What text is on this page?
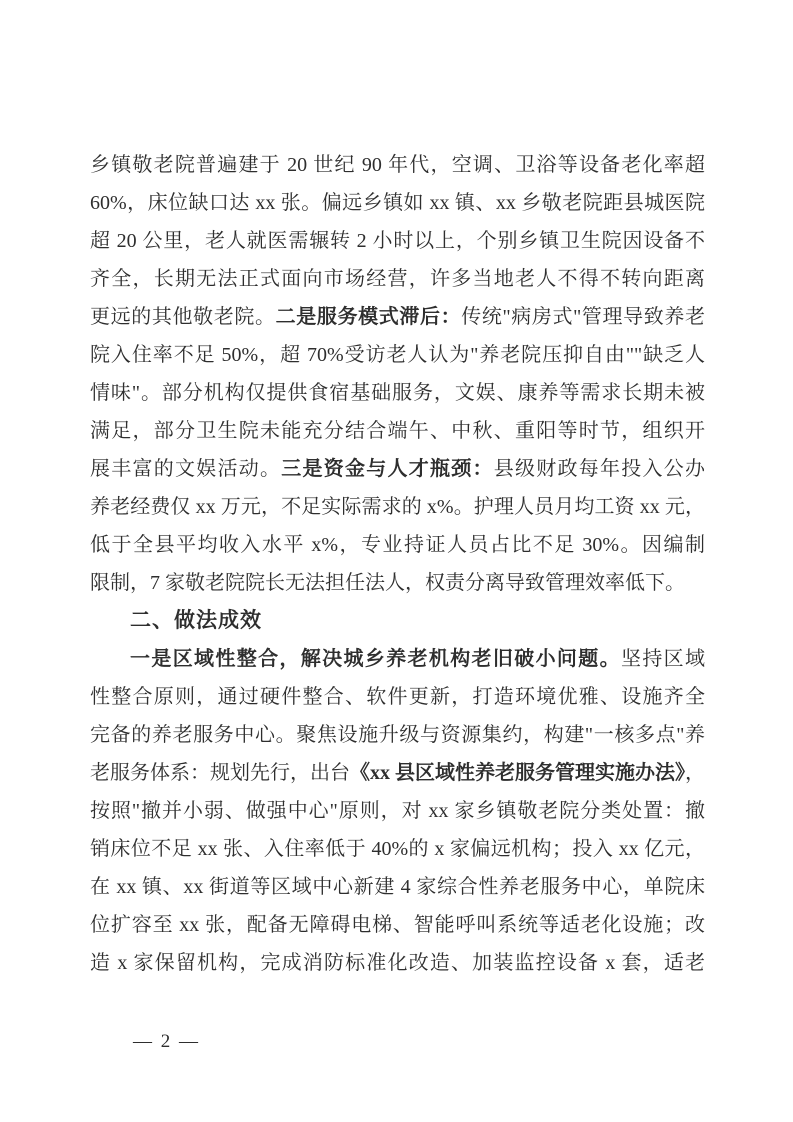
乡镇敬老院普遍建于 20 世纪 90 年代，空调、卫浴等设备老化率超
60%，床位缺口达 xx 张。偏远乡镇如 xx 镇、xx 乡敬老院距县城医院
超 20 公里，老人就医需辗转 2 小时以上，个别乡镇卫生院因设备不
齐全，长期无法正式面向市场经营，许多当地老人不得不转向距离
更远的其他敬老院。二是服务模式滞后：传统"病房式"管理导致养老
院入住率不足 50%，超 70%受访老人认为"养老院压抑自由""缺乏人
情味"。部分机构仅提供食宿基础服务，文娱、康养等需求长期未被
满足，部分卫生院未能充分结合端午、中秋、重阳等时节，组织开
展丰富的文娱活动。三是资金与人才瓶颈：县级财政每年投入公办
养老经费仅 xx 万元，不足实际需求的 x%。护理人员月均工资 xx 元，
低于全县平均收入水平 x%，专业持证人员占比不足 30%。因编制
限制，7 家敬老院院长无法担任法人，权责分离导致管理效率低下。
二、做法成效
一是区域性整合，解决城乡养老机构老旧破小问题。坚持区域
性整合原则，通过硬件整合、软件更新，打造环境优雅、设施齐全
完备的养老服务中心。聚焦设施升级与资源集约，构建"一核多点"养
老服务体系：规划先行，出台《xx 县区域性养老服务管理实施办法》，
按照"撤并小弱、做强中心"原则，对 xx 家乡镇敬老院分类处置：撤
销床位不足 xx 张、入住率低于 40%的 x 家偏远机构；投入 xx 亿元，
在 xx 镇、xx 街道等区域中心新建 4 家综合性养老服务中心，单院床
位扩容至 xx 张，配备无障碍电梯、智能呼叫系统等适老化设施；改
造 x 家保留机构，完成消防标准化改造、加装监控设备 x 套，适老
— 2 —
